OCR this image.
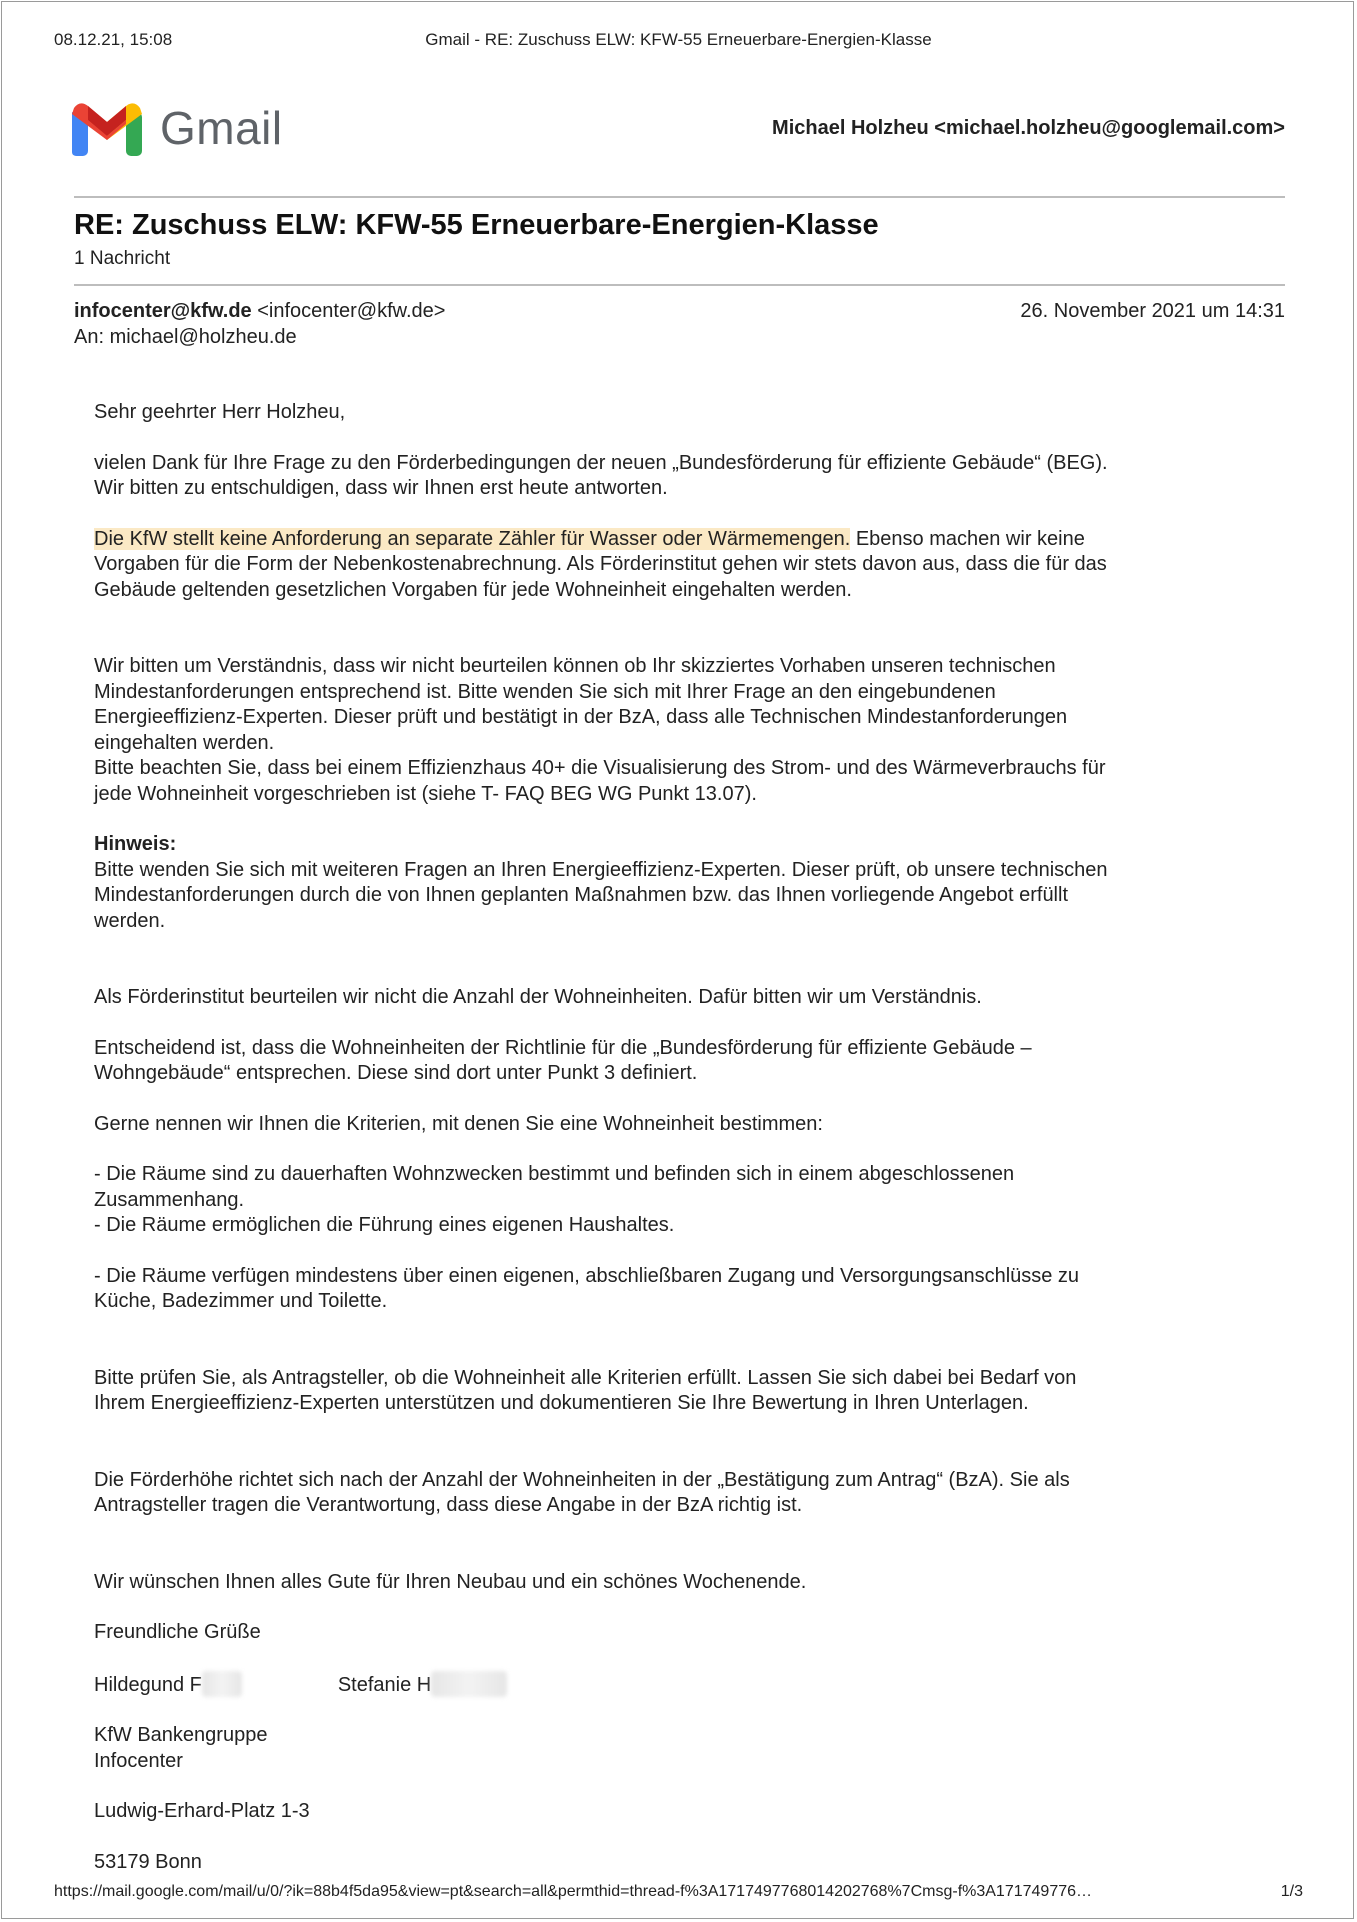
08.12.21, 15:08	Gmail - RE: Zuschuss ELW: KFW-55 Erneuerbare-Energien-Klasse
Gmail	Michael Holzheu <michael.holzheu@googlemail.com>
RE: Zuschuss ELW: KFW-55 Erneuerbare-Energien-Klasse
1 Nachricht
infocenter@kfw.de <infocenter@kfw.de>
An: michael@holzheu.de
26. November 2021 um 14:31

Sehr geehrter Herr Holzheu,

vielen Dank für Ihre Frage zu den Förderbedingungen der neuen „Bundesförderung für effiziente Gebäude“ (BEG).
Wir bitten zu entschuldigen, dass wir Ihnen erst heute antworten.

Die KfW stellt keine Anforderung an separate Zähler für Wasser oder Wärmemengen. Ebenso machen wir keine
Vorgaben für die Form der Nebenkostenabrechnung. Als Förderinstitut gehen wir stets davon aus, dass die für das
Gebäude geltenden gesetzlichen Vorgaben für jede Wohneinheit eingehalten werden.

Wir bitten um Verständnis, dass wir nicht beurteilen können ob Ihr skizziertes Vorhaben unseren technischen
Mindestanforderungen entsprechend ist. Bitte wenden Sie sich mit Ihrer Frage an den eingebundenen
Energieeffizienz-Experten. Dieser prüft und bestätigt in der BzA, dass alle Technischen Mindestanforderungen
eingehalten werden.
Bitte beachten Sie, dass bei einem Effizienzhaus 40+ die Visualisierung des Strom- und des Wärmeverbrauchs für
jede Wohneinheit vorgeschrieben ist (siehe T- FAQ BEG WG Punkt 13.07).

Hinweis:
Bitte wenden Sie sich mit weiteren Fragen an Ihren Energieeffizienz-Experten. Dieser prüft, ob unsere technischen
Mindestanforderungen durch die von Ihnen geplanten Maßnahmen bzw. das Ihnen vorliegende Angebot erfüllt
werden.

Als Förderinstitut beurteilen wir nicht die Anzahl der Wohneinheiten. Dafür bitten wir um Verständnis.

Entscheidend ist, dass die Wohneinheiten der Richtlinie für die „Bundesförderung für effiziente Gebäude –
Wohngebäude“ entsprechen. Diese sind dort unter Punkt 3 definiert.

Gerne nennen wir Ihnen die Kriterien, mit denen Sie eine Wohneinheit bestimmen:

- Die Räume sind zu dauerhaften Wohnzwecken bestimmt und befinden sich in einem abgeschlossenen
Zusammenhang.
- Die Räume ermöglichen die Führung eines eigenen Haushaltes.

- Die Räume verfügen mindestens über einen eigenen, abschließbaren Zugang und Versorgungsanschlüsse zu
Küche, Badezimmer und Toilette.

Bitte prüfen Sie, als Antragsteller, ob die Wohneinheit alle Kriterien erfüllt. Lassen Sie sich dabei bei Bedarf von
Ihrem Energieeffizienz-Experten unterstützen und dokumentieren Sie Ihre Bewertung in Ihren Unterlagen.

Die Förderhöhe richtet sich nach der Anzahl der Wohneinheiten in der „Bestätigung zum Antrag“ (BzA). Sie als
Antragsteller tragen die Verantwortung, dass diese Angabe in der BzA richtig ist.

Wir wünschen Ihnen alles Gute für Ihren Neubau und ein schönes Wochenende.

Freundliche Grüße

Hildegund F	Stefanie H

KfW Bankengruppe
Infocenter

Ludwig-Erhard-Platz 1-3

53179 Bonn

https://mail.google.com/mail/u/0/?ik=88b4f5da95&view=pt&search=all&permthid=thread-f%3A1717497768014202768%7Cmsg-f%3A171749776…	1/3
